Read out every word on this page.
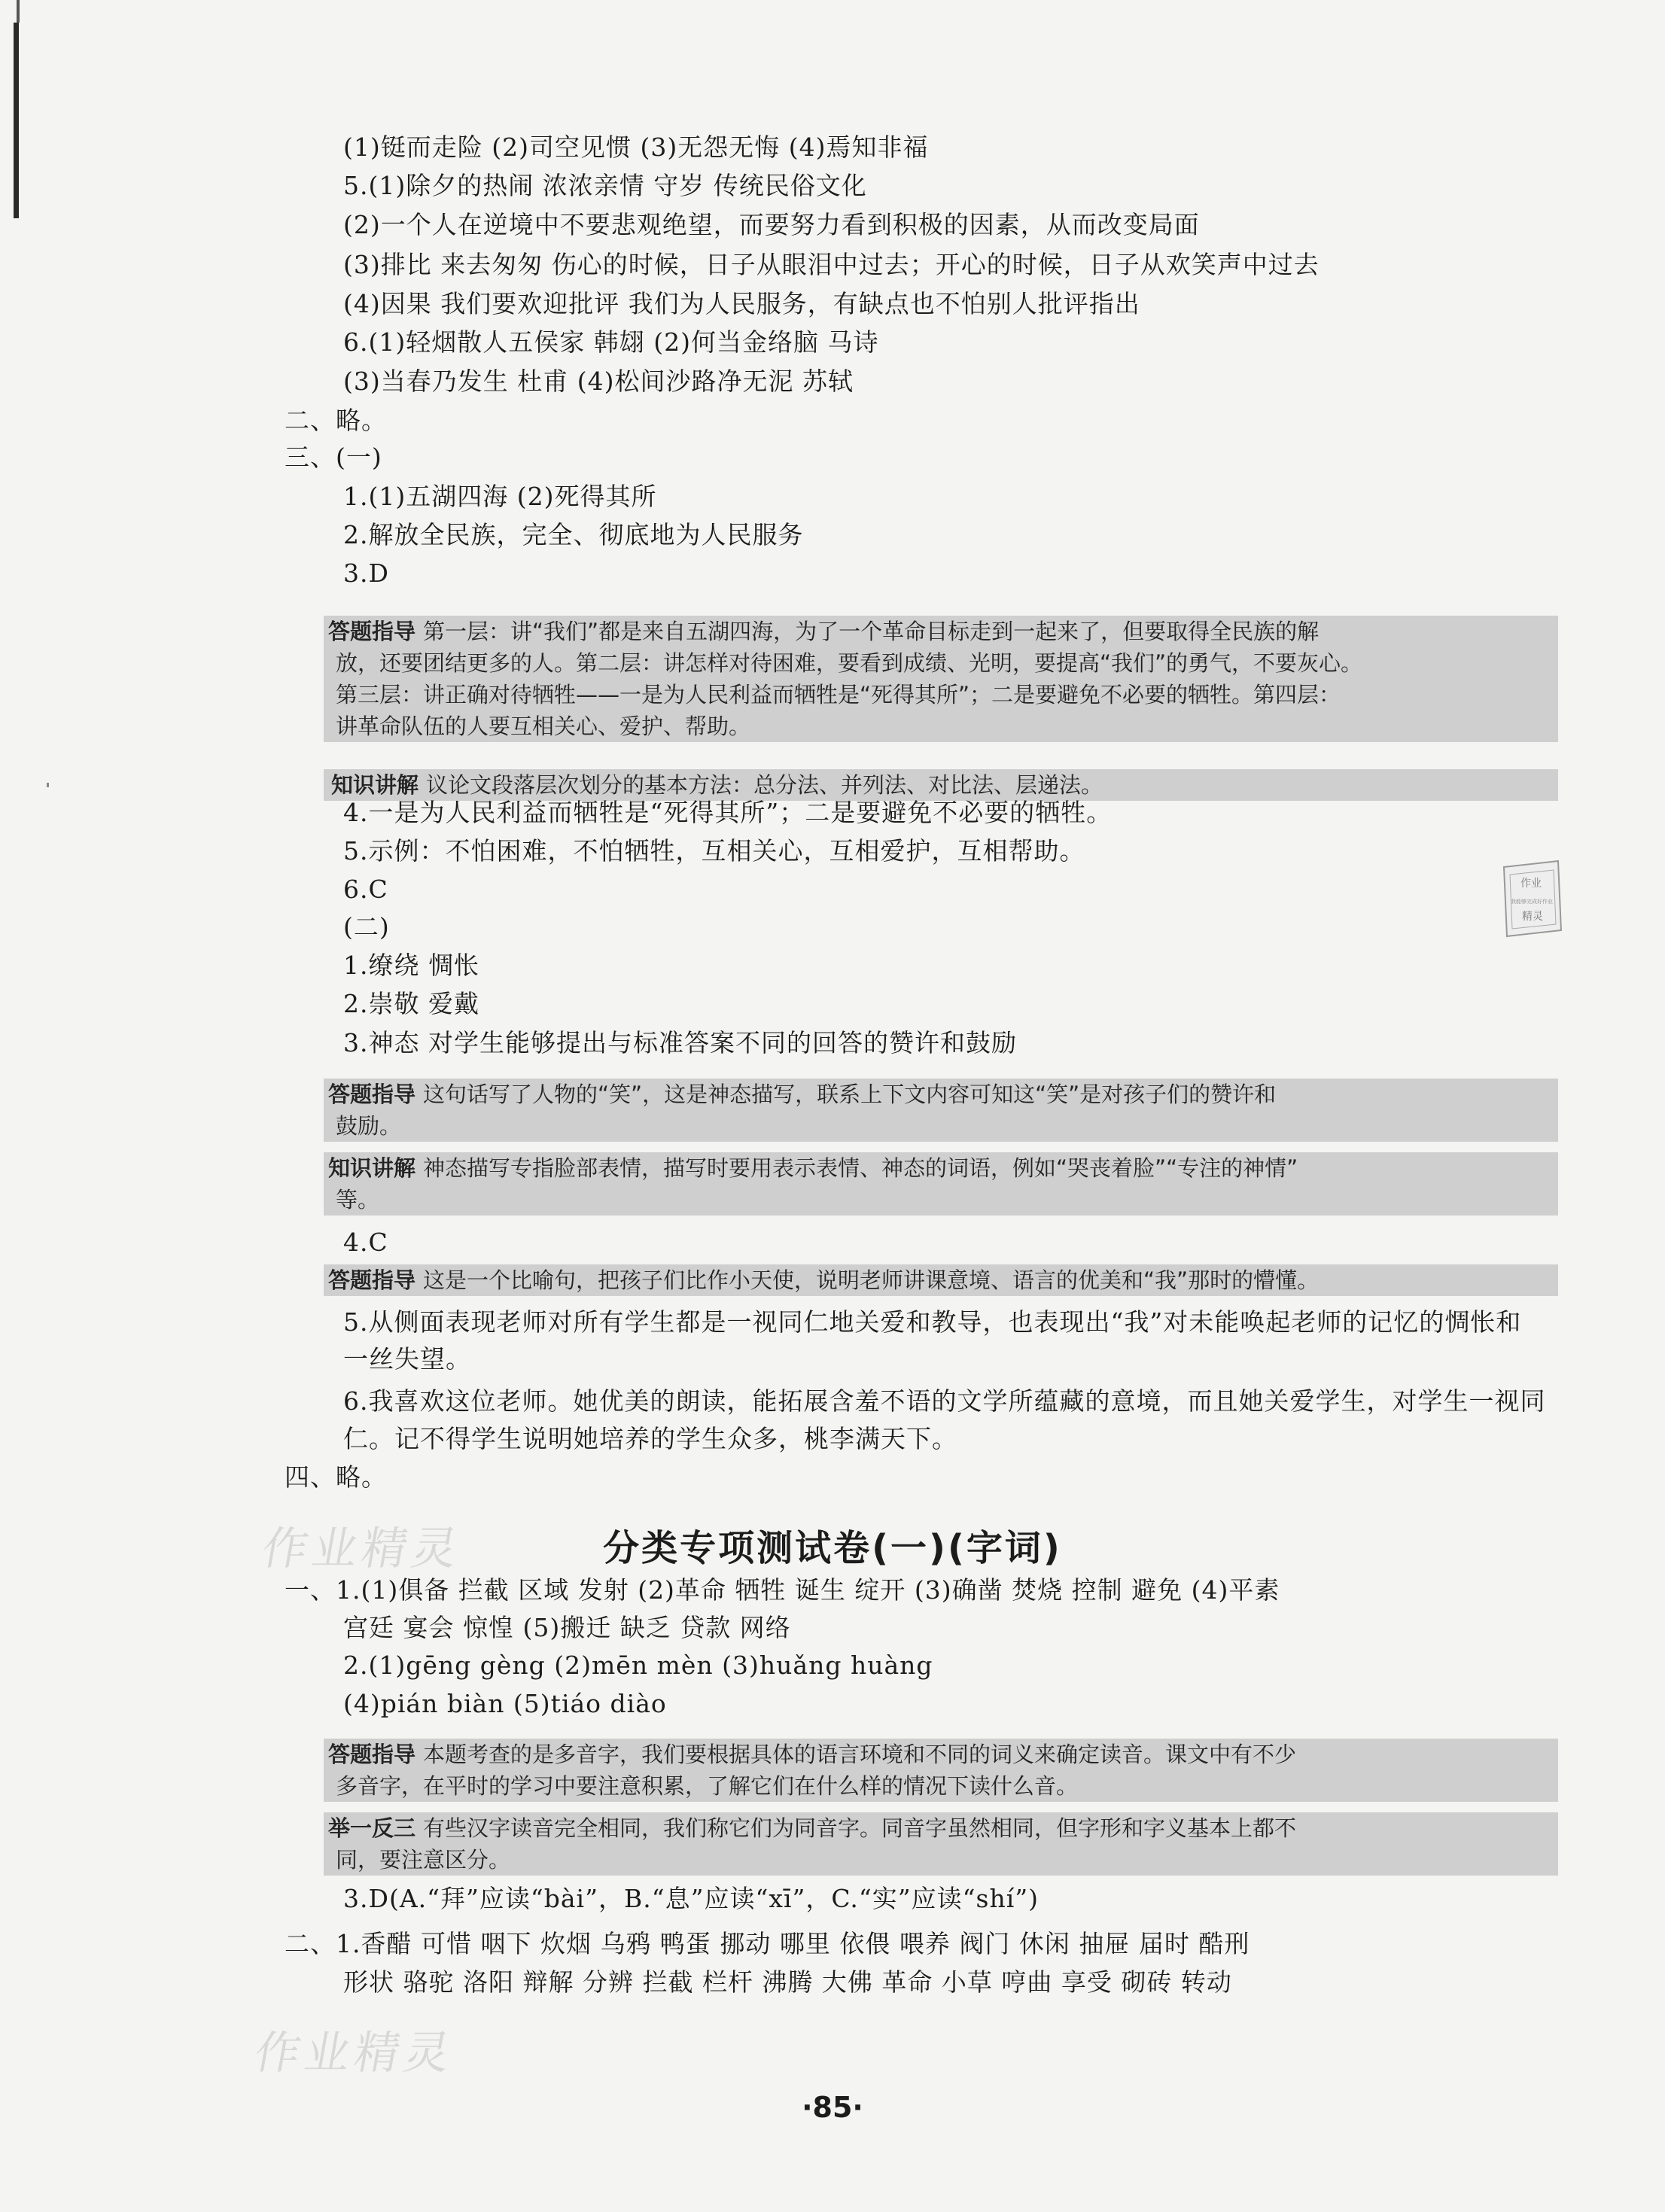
(1)铤而走险 (2)司空见惯 (3)无怨无悔 (4)焉知非福
5.(1)除夕的热闹 浓浓亲情 守岁 传统民俗文化
(2)一个人在逆境中不要悲观绝望，而要努力看到积极的因素，从而改变局面
(3)排比 来去匆匆 伤心的时候，日子从眼泪中过去；开心的时候，日子从欢笑声中过去
(4)因果 我们要欢迎批评 我们为人民服务，有缺点也不怕别人批评指出
6.(1)轻烟散人五侯家 韩翃 (2)何当金络脑 马诗
(3)当春乃发生 杜甫 (4)松间沙路净无泥 苏轼
二、略。
三、(一)
1.(1)五湖四海 (2)死得其所
2.解放全民族，完全、彻底地为人民服务
3.D
答题指导 第一层：讲“我们”都是来自五湖四海，为了一个革命目标走到一起来了，但要取得全民族的解
放，还要团结更多的人。第二层：讲怎样对待困难，要看到成绩、光明，要提高“我们”的勇气，不要灰心。
第三层：讲正确对待牺牲——一是为人民利益而牺牲是“死得其所”；二是要避免不必要的牺牲。第四层：
讲革命队伍的人要互相关心、爱护、帮助。
知识讲解 议论文段落层次划分的基本方法：总分法、并列法、对比法、层递法。
4.一是为人民利益而牺牲是“死得其所”；二是要避免不必要的牺牲。
5.示例：不怕困难，不怕牺牲，互相关心，互相爱护，互相帮助。
6.C
(二)
1.缭绕 惆怅
2.崇敬 爱戴
3.神态 对学生能够提出与标准答案不同的回答的赞许和鼓励
答题指导 这句话写了人物的“笑”，这是神态描写，联系上下文内容可知这“笑”是对孩子们的赞许和
鼓励。
知识讲解 神态描写专指脸部表情，描写时要用表示表情、神态的词语，例如“哭丧着脸”“专注的神情”
等。
4.C
答题指导 这是一个比喻句，把孩子们比作小天使，说明老师讲课意境、语言的优美和“我”那时的懵懂。
5.从侧面表现老师对所有学生都是一视同仁地关爱和教导，也表现出“我”对未能唤起老师的记忆的惆怅和
一丝失望。
6.我喜欢这位老师。她优美的朗读，能拓展含羞不语的文学所蕴藏的意境，而且她关爱学生，对学生一视同
仁。记不得学生说明她培养的学生众多，桃李满天下。
四、略。
作业精灵	分类专项测试卷(一)(字词)
一、1.(1)俱备 拦截 区域 发射 (2)革命 牺牲 诞生 绽开 (3)确凿 焚烧 控制 避免 (4)平素
宫廷 宴会 惊惶 (5)搬迁 缺乏 贷款 网络
2.(1)gēng gèng (2)mēn mèn (3)huǎng huàng
(4)pián biàn (5)tiáo diào
答题指导 本题考查的是多音字，我们要根据具体的语言环境和不同的词义来确定读音。课文中有不少
多音字，在平时的学习中要注意积累，了解它们在什么样的情况下读什么音。
举一反三 有些汉字读音完全相同，我们称它们为同音字。同音字虽然相同，但字形和字义基本上都不
同，要注意区分。
3.D(A.“拜”应读“bài”，B.“息”应读“xī”，C.“实”应读“shí”)
二、1.香醋 可惜 咽下 炊烟 乌鸦 鸭蛋 挪动 哪里 依偎 喂养 阀门 休闲 抽屉 届时 酷刑
形状 骆驼 洛阳 辩解 分辨 拦截 栏杆 沸腾 大佛 革命 小草 哼曲 享受 砌砖 转动
作业精灵
作业
我能够完成好作业
精灵
·85·
